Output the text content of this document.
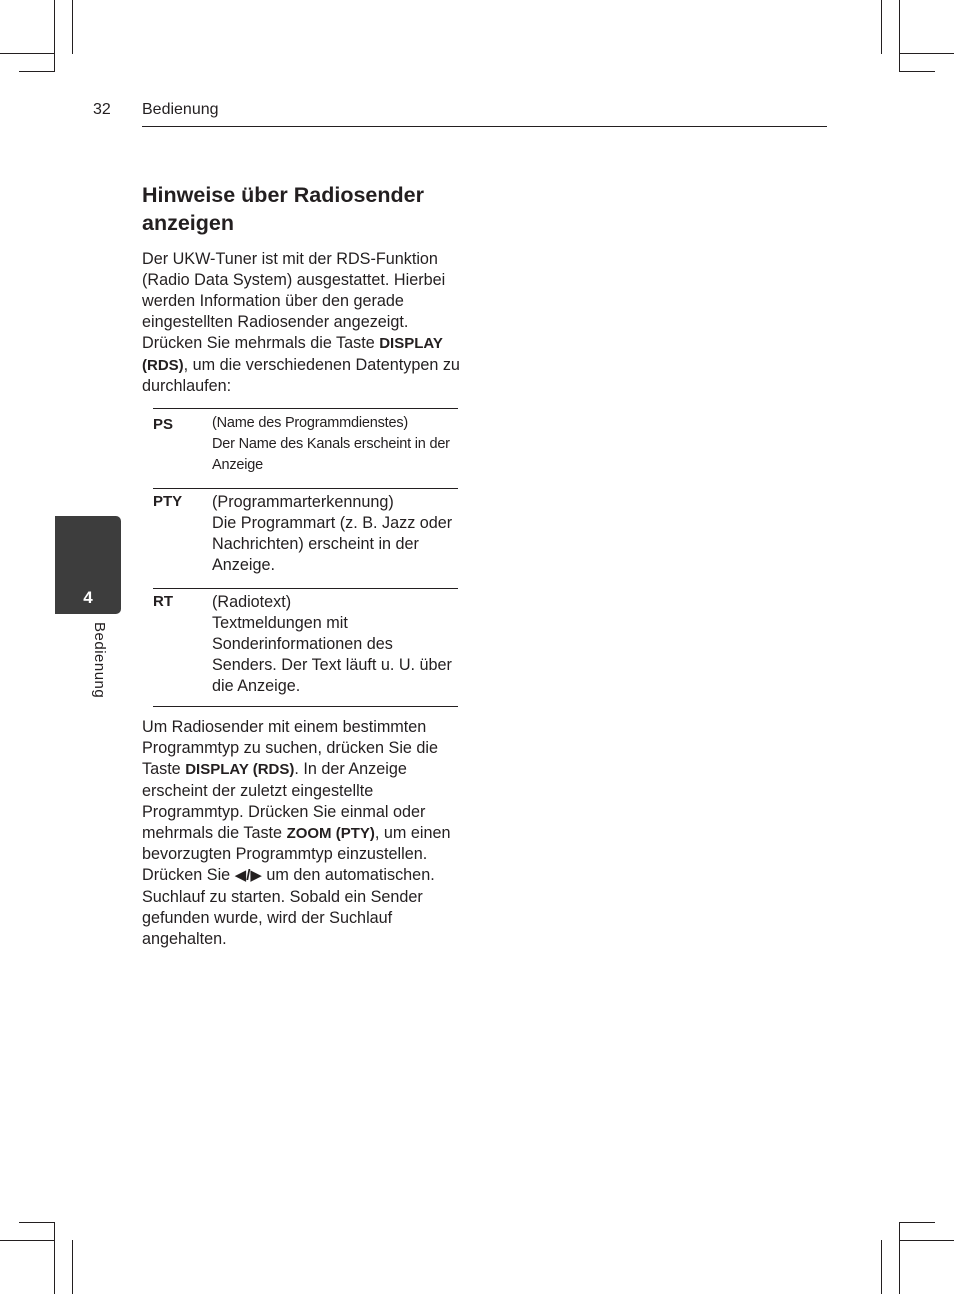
32 Bedienung
4
Bedienung
Hinweise über Radiosender anzeigen

Der UKW-Tuner ist mit der RDS-Funktion (Radio Data System) ausgestattet. Hierbei werden Information über den gerade eingestellten Radiosender angezeigt. Drücken Sie mehrmals die Taste DISPLAY (RDS), um die verschiedenen Datentypen zu durchlaufen:

PS	(Name des Programmdienstes)
Der Name des Kanals erscheint in der Anzeige
PTY (Programmarterkennung)
Die Programmart (z. B. Jazz oder Nachrichten) erscheint in der Anzeige.
RT (Radiotext)
Textmeldungen mit Sonderinformationen des Senders. Der Text läuft u. U. über die Anzeige.

Um Radiosender mit einem bestimmten Programmtyp zu suchen, drücken Sie die Taste DISPLAY (RDS). In der Anzeige erscheint der zuletzt eingestellte Programmtyp. Drücken Sie einmal oder mehrmals die Taste ZOOM (PTY), um einen bevorzugten Programmtyp einzustellen. Drücken Sie ◀/▶ um den automatischen. Suchlauf zu starten. Sobald ein Sender gefunden wurde, wird der Suchlauf angehalten.
